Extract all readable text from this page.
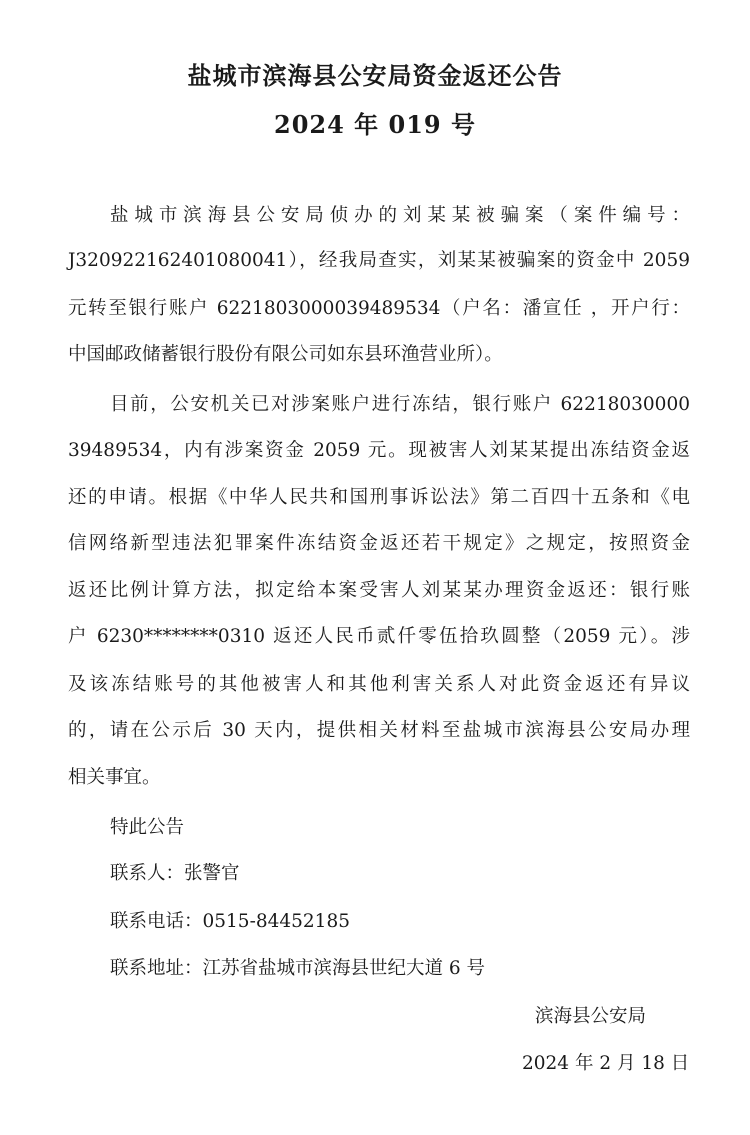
盐城市滨海县公安局资金返还公告
2024 年 019 号
盐城市滨海县公安局侦办的刘某某被骗案（案件编号：
J320922162401080041），经我局查实，刘某某被骗案的资金中 2059
元转至银行账户 6221803000039489534（户名：潘宣任 ，开户行：
中国邮政储蓄银行股份有限公司如东县环渔营业所）。
目前，公安机关已对涉案账户进行冻结，银行账户 62218030000
39489534，内有涉案资金 2059 元。现被害人刘某某提出冻结资金返
还的申请。根据《中华人民共和国刑事诉讼法》第二百四十五条和《电
信网络新型违法犯罪案件冻结资金返还若干规定》之规定，按照资金
返还比例计算方法，拟定给本案受害人刘某某办理资金返还：银行账
户 6230********0310 返还人民币贰仟零伍拾玖圆整（2059 元）。涉
及该冻结账号的其他被害人和其他利害关系人对此资金返还有异议
的，请在公示后 30 天内，提供相关材料至盐城市滨海县公安局办理
相关事宜。
特此公告
联系人：张警官
联系电话：0515-84452185
联系地址：江苏省盐城市滨海县世纪大道 6 号
滨海县公安局
2024 年 2 月 18 日
